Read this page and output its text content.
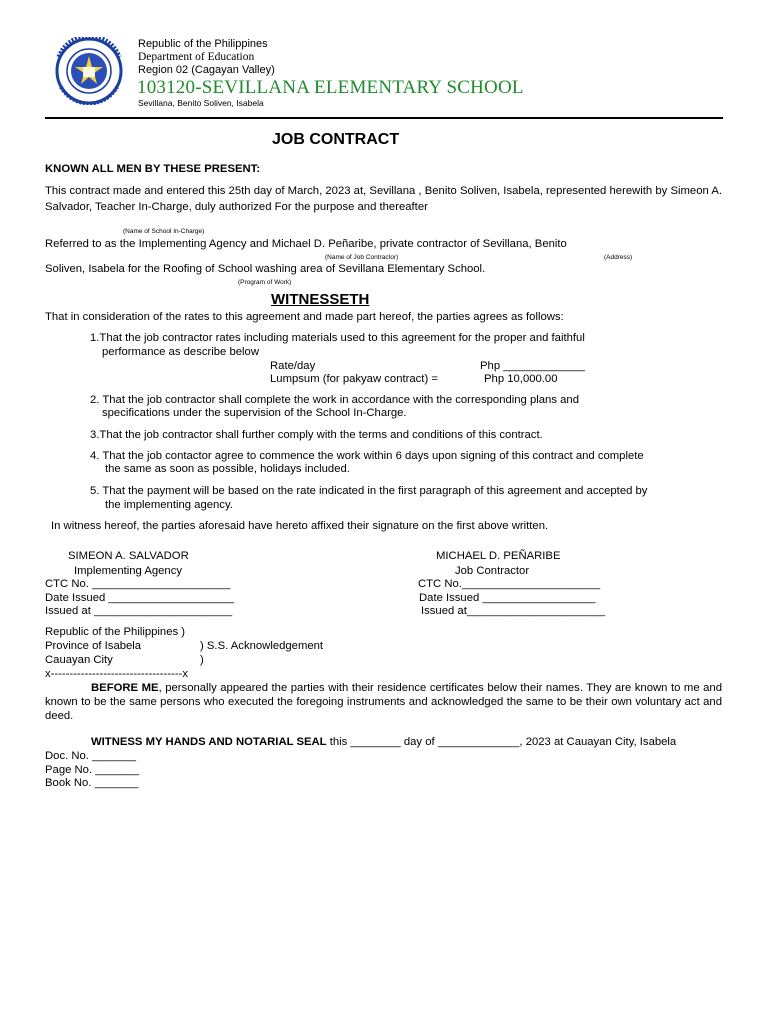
Republic of the Philippines
Department of Education
Region 02 (Cagayan Valley)
103120-SEVILLANA ELEMENTARY SCHOOL
Sevillana, Benito Soliven, Isabela
JOB CONTRACT
KNOWN ALL MEN BY THESE PRESENT:
This contract made and entered this 25th day of March, 2023 at, Sevillana , Benito Soliven, Isabela, represented herewith by Simeon A. Salvador, Teacher In-Charge, duly authorized For the purpose and thereafter
(Name of School In-Charge)
Referred to as the Implementing Agency and Michael D. Peñaribe, private contractor of Sevillana, Benito
(Name of Job Contractor)	(Address)
Soliven, Isabela for the Roofing of School washing area of Sevillana Elementary School.
(Program of Work)
WITNESSETH
That in consideration of the rates to this agreement and made part hereof, the parties agrees as follows:
1.That the job contractor rates including materials used to this agreement for the proper and faithful
performance as describe below
Rate/day	Php _____________
Lumpsum (for pakyaw contract) =	Php 10,000.00
2. That the job contractor shall complete the work in accordance with the corresponding plans and
specifications under the supervision of the School In-Charge.
3.That the job contractor shall further comply with the terms and conditions of this contract.
4. That the job contactor agree to commence the work within 6 days upon signing of this contract and complete
the same as soon as possible, holidays included.
5. That the payment will be based on the rate indicated in the first paragraph of this agreement and accepted by
the implementing agency.
In witness hereof, the parties aforesaid have hereto affixed their signature on the first above written.
SIMEON A. SALVADOR
Implementing Agency
CTC No. ______________________
Date Issued ____________________
Issued at ______________________
MICHAEL D. PEÑARIBE
Job Contractor
CTC No.______________________
Date Issued __________________
Issued at______________________
Republic of the Philippines )
Province of Isabela	) S.S. Acknowledgement
Cauayan City	)
x-----------------------------------x
BEFORE ME, personally appeared the parties with their residence certificates below their names. They are known to me and known to be the same persons who executed the foregoing instruments and acknowledged the same to be their own voluntary act and deed.
WITNESS MY HANDS AND NOTARIAL SEAL this ________ day of _____________, 2023 at Cauayan City, Isabela
Doc. No. _______
Page No. _______
Book No. _______
